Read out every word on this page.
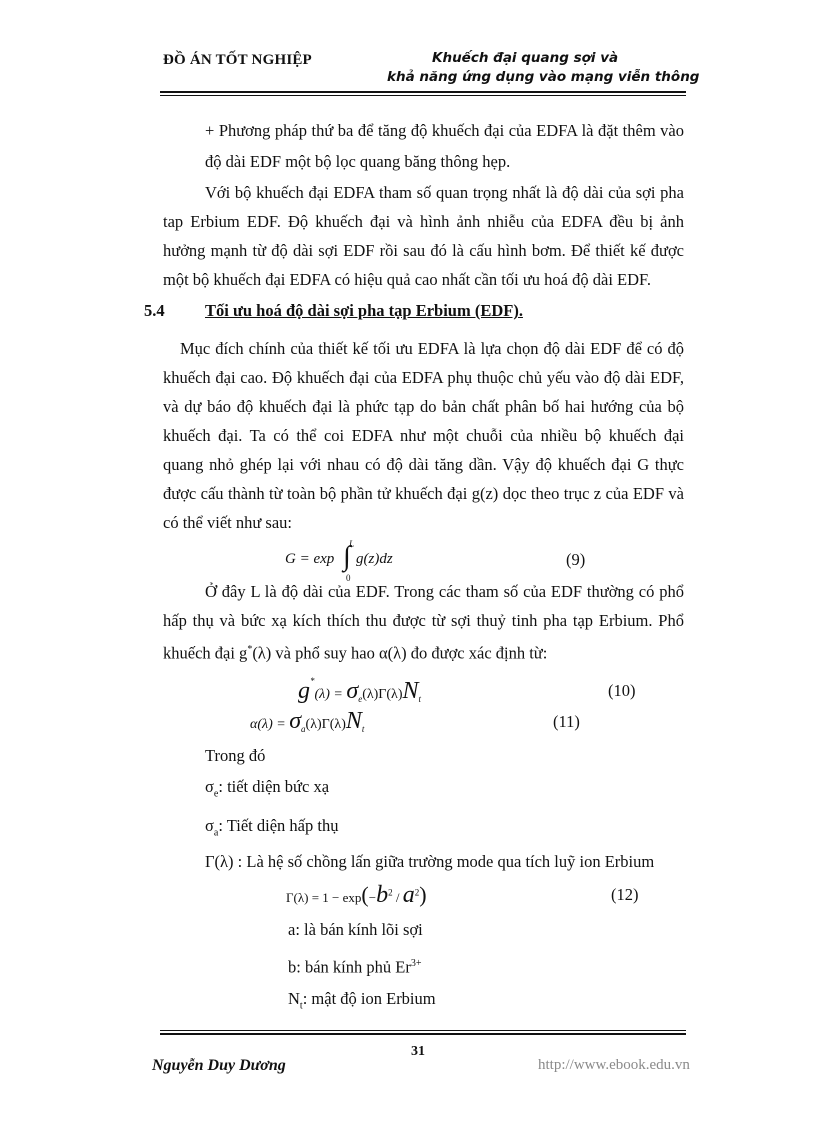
ĐỒ ÁN TỐT NGHIỆP	Khuếch đại quang sợi và
khả năng ứng dụng vào mạng viễn thông
+ Phương pháp thứ ba để tăng độ khuếch đại của EDFA là đặt thêm vào
độ dài EDF một bộ lọc quang băng thông hẹp.
Với bộ khuếch đại EDFA tham số quan trọng nhất là độ dài của sợi pha
tap Erbium EDF. Độ khuếch đại và hình ảnh nhiễu của EDFA đều bị ảnh
hưởng mạnh từ độ dài sợi EDF rồi sau đó là cấu hình bơm. Để thiết kế được
một bộ khuếch đại EDFA có hiệu quả cao nhất cần tối ưu hoá độ dài EDF.
5.4 Tối ưu hoá độ dài sợi pha tạp Erbium (EDF).
Mục đích chính của thiết kế tối ưu EDFA là lựa chọn độ dài EDF để có độ
khuếch đại cao. Độ khuếch đại của EDFA phụ thuộc chủ yếu vào độ dài EDF,
và dự báo độ khuếch đại là phức tạp do bản chất phân bố hai hướng của bộ
khuếch đại. Ta có thể coi EDFA như một chuỗi của nhiều bộ khuếch đại
quang nhỏ ghép lại với nhau có độ dài tăng dần. Vậy độ khuếch đại G thực
được cấu thành từ toàn bộ phần tử khuếch đại g(z) dọc theo trục z của EDF và
có thể viết như sau:
G = exp
L
∫
0
g(z)dz	(9)
Ở đây L là độ dài của EDF. Trong các tham số của EDF thường có phổ
hấp thụ và bức xạ kích thích thu được từ sợi thuỷ tinh pha tạp Erbium. Phổ
khuếch đại g*(λ) và phổ suy hao α(λ) đo được xác định từ:
$g^*(\lambda) = \sigma_e(\lambda)\Gamma(\lambda)N_t$	(10)
$\alpha(\lambda) = \sigma_a(\lambda)\Gamma(\lambda)N_t$	(11)
Trong đó
$\sigma_e$: tiết diện bức xạ
$\sigma_a$: Tiết diện hấp thụ
Γ(λ) : Là hệ số chồng lấn giữa trường mode qua tích luỹ ion Erbium
$\Gamma(\lambda) = 1 - \exp(-b^2 / a^2)$	(12)
a: là bán kính lõi sợi
b: bán kính phủ $Er^{3+}$
$N_t$: mật độ ion Erbium
31
Nguyễn Duy Dương	http://www.ebook.edu.vn
